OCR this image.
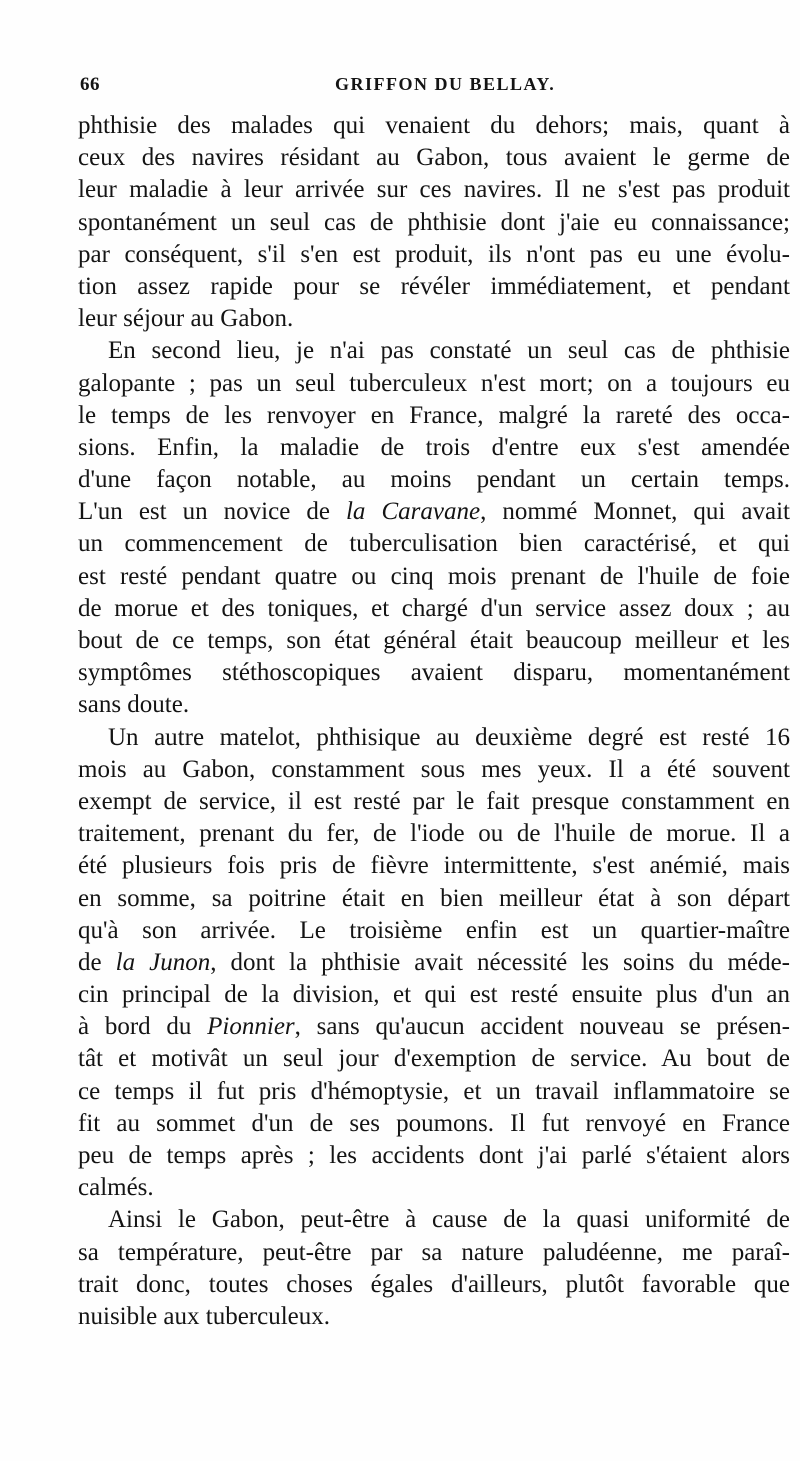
66	GRIFFON DU BELLAY.
phthisie des malades qui venaient du dehors; mais, quant à
ceux des navires résidant au Gabon, tous avaient le germe de
leur maladie à leur arrivée sur ces navires. Il ne s'est pas produit
spontanément un seul cas de phthisie dont j'aie eu connaissance;
par conséquent, s'il s'en est produit, ils n'ont pas eu une évolu-
tion assez rapide pour se révéler immédiatement, et pendant
leur séjour au Gabon.
En second lieu, je n'ai pas constaté un seul cas de phthisie
galopante ; pas un seul tuberculeux n'est mort; on a toujours eu
le temps de les renvoyer en France, malgré la rareté des occa-
sions. Enfin, la maladie de trois d'entre eux s'est amendée
d'une façon notable, au moins pendant un certain temps.
L'un est un novice de la Caravane, nommé Monnet, qui avait
un commencement de tuberculisation bien caractérisé, et qui
est resté pendant quatre ou cinq mois prenant de l'huile de foie
de morue et des toniques, et chargé d'un service assez doux ; au
bout de ce temps, son état général était beaucoup meilleur et les
symptômes stéthoscopiques avaient disparu, momentanément
sans doute.
Un autre matelot, phthisique au deuxième degré est resté 16
mois au Gabon, constamment sous mes yeux. Il a été souvent
exempt de service, il est resté par le fait presque constamment en
traitement, prenant du fer, de l'iode ou de l'huile de morue. Il a
été plusieurs fois pris de fièvre intermittente, s'est anémié, mais
en somme, sa poitrine était en bien meilleur état à son départ
qu'à son arrivée. Le troisième enfin est un quartier-maître
de la Junon, dont la phthisie avait nécessité les soins du méde-
cin principal de la division, et qui est resté ensuite plus d'un an
à bord du Pionnier, sans qu'aucun accident nouveau se présen-
tât et motivât un seul jour d'exemption de service. Au bout de
ce temps il fut pris d'hémoptysie, et un travail inflammatoire se
fit au sommet d'un de ses poumons. Il fut renvoyé en France
peu de temps après ; les accidents dont j'ai parlé s'étaient alors
calmés.
Ainsi le Gabon, peut-être à cause de la quasi uniformité de
sa température, peut-être par sa nature paludéenne, me paraî-
trait donc, toutes choses égales d'ailleurs, plutôt favorable que
nuisible aux tuberculeux.
